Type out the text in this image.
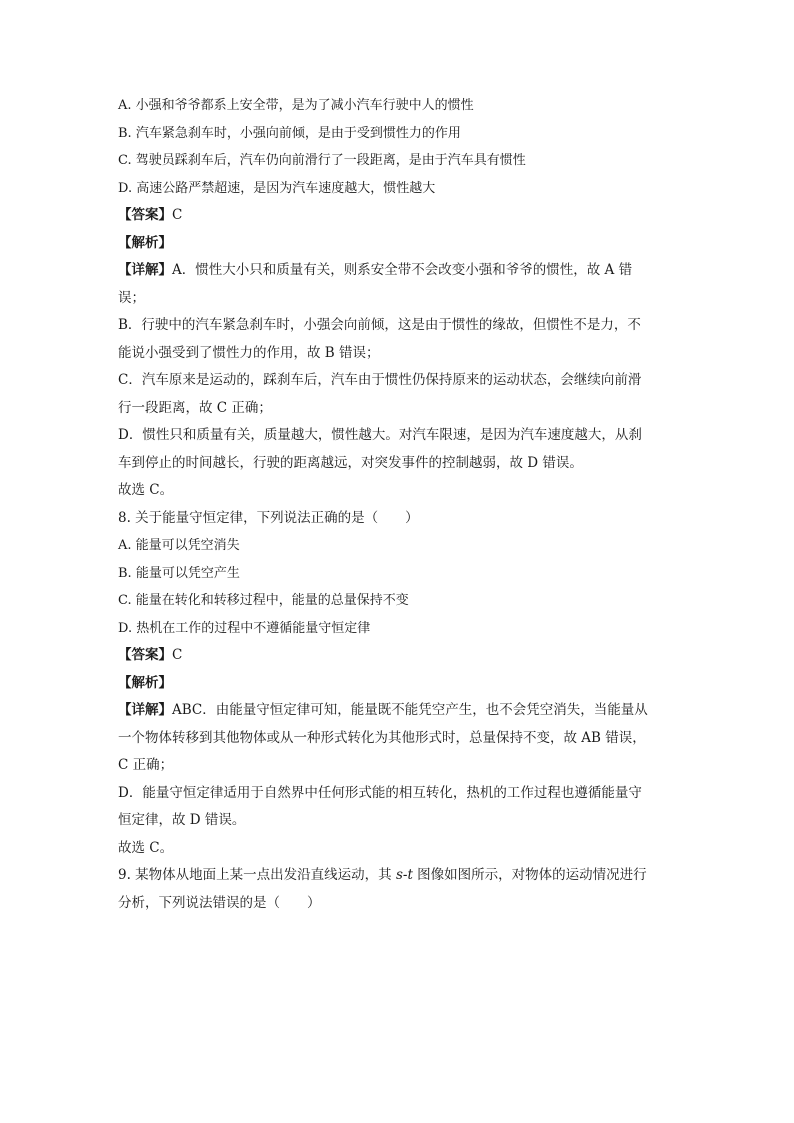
A. 小强和爷爷都系上安全带，是为了减小汽车行驶中人的惯性
B. 汽车紧急刹车时，小强向前倾，是由于受到惯性力的作用
C. 驾驶员踩刹车后，汽车仍向前滑行了一段距离，是由于汽车具有惯性
D. 高速公路严禁超速，是因为汽车速度越大，惯性越大
【答案】C
【解析】
【详解】A．惯性大小只和质量有关，则系安全带不会改变小强和爷爷的惯性，故 A 错
误；
B．行驶中的汽车紧急刹车时，小强会向前倾，这是由于惯性的缘故，但惯性不是力，不
能说小强受到了惯性力的作用，故 B 错误；
C．汽车原来是运动的，踩刹车后，汽车由于惯性仍保持原来的运动状态，会继续向前滑
行一段距离，故 C 正确；
D．惯性只和质量有关，质量越大，惯性越大。对汽车限速，是因为汽车速度越大，从刹
车到停止的时间越长，行驶的距离越远，对突发事件的控制越弱，故 D 错误。
故选 C。
8. 关于能量守恒定律，下列说法正确的是（　　）
A. 能量可以凭空消失
B. 能量可以凭空产生
C. 能量在转化和转移过程中，能量的总量保持不变
D. 热机在工作的过程中不遵循能量守恒定律
【答案】C
【解析】
【详解】ABC．由能量守恒定律可知，能量既不能凭空产生，也不会凭空消失，当能量从
一个物体转移到其他物体或从一种形式转化为其他形式时，总量保持不变，故 AB 错误，
C 正确；
D．能量守恒定律适用于自然界中任何形式能的相互转化，热机的工作过程也遵循能量守
恒定律，故 D 错误。
故选 C。
9. 某物体从地面上某一点出发沿直线运动，其 s-t 图像如图所示，对物体的运动情况进行
分析，下列说法错误的是（　　）
